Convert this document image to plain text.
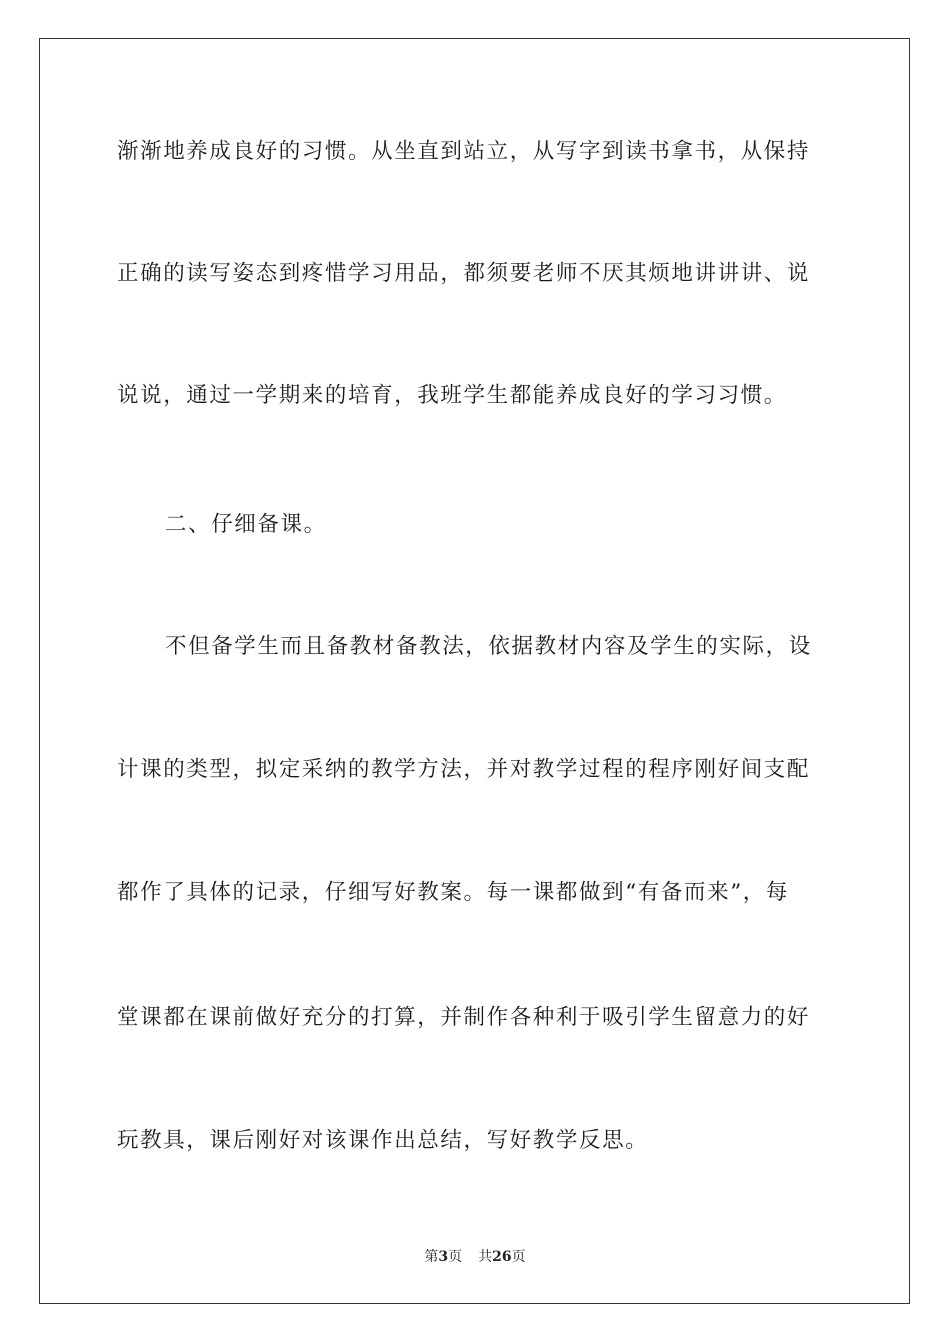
渐渐地养成良好的习惯。从坐直到站立，从写字到读书拿书，从保持
正确的读写姿态到疼惜学习用品，都须要老师不厌其烦地讲讲讲、说
说说，通过一学期来的培育，我班学生都能养成良好的学习习惯。
二、仔细备课。
不但备学生而且备教材备教法，依据教材内容及学生的实际，设
计课的类型，拟定采纳的教学方法，并对教学过程的程序刚好间支配
都作了具体的记录，仔细写好教案。每一课都做到“有备而来”，每
堂课都在课前做好充分的打算，并制作各种利于吸引学生留意力的好
玩教具，课后刚好对该课作出总结，写好教学反思。
第3页 共26页
